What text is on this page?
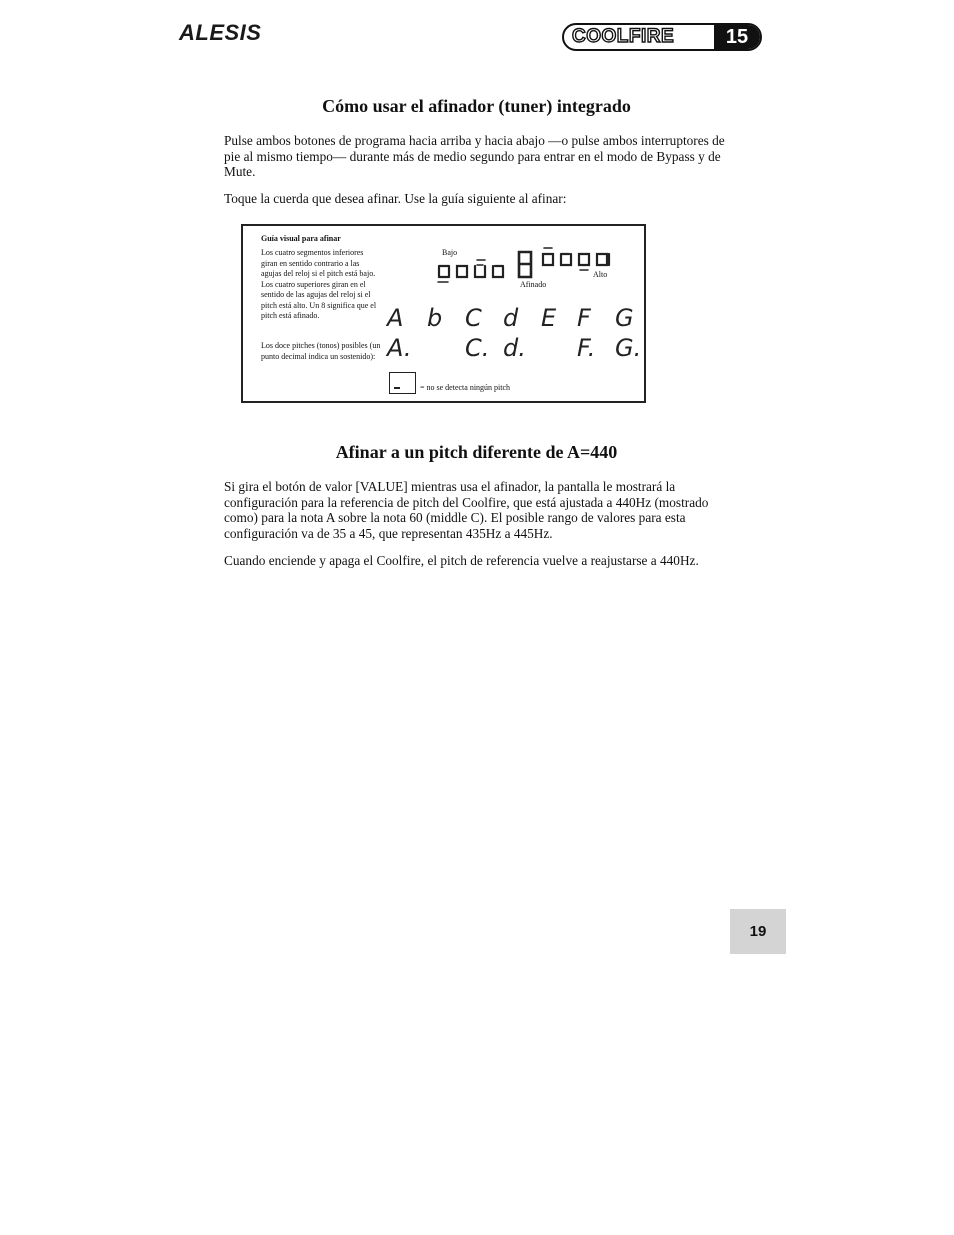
ALESIS	COOLFIRE	15
Cómo usar el afinador (tuner) integrado

Pulse ambos botones de programa hacia arriba y hacia abajo —o pulse ambos interruptores de pie al mismo tiempo— durante más de medio segundo para entrar en el modo de Bypass y de Mute.

Toque la cuerda que desea afinar. Use la guía siguiente al afinar:

Guía visual para afinar

Los cuatro segmentos inferiores giran en sentido contrario a las agujas del reloj si el pitch está bajo. Los cuatro superiores giran en el sentido de las agujas del reloj si el pitch está alto. Un 8 significa que el pitch está afinado.

Los doce pitches (tonos) posibles (un punto decimal indica un sostenido):

Bajo
Afinado
Alto
A b C d E F G
A. C. d. F. G.
= no se detecta ningún pitch
Afinar a un pitch diferente de A=440

Si gira el botón de valor [VALUE] mientras usa el afinador, la pantalla le mostrará la configuración para la referencia de pitch del Coolfire, que está ajustada a 440Hz (mostrado como) para la nota A sobre la nota 60 (middle C). El posible rango de valores para esta configuración va de 35 a 45, que representan 435Hz a 445Hz.

Cuando enciende y apaga el Coolfire, el pitch de referencia vuelve a reajustarse a 440Hz.

19
